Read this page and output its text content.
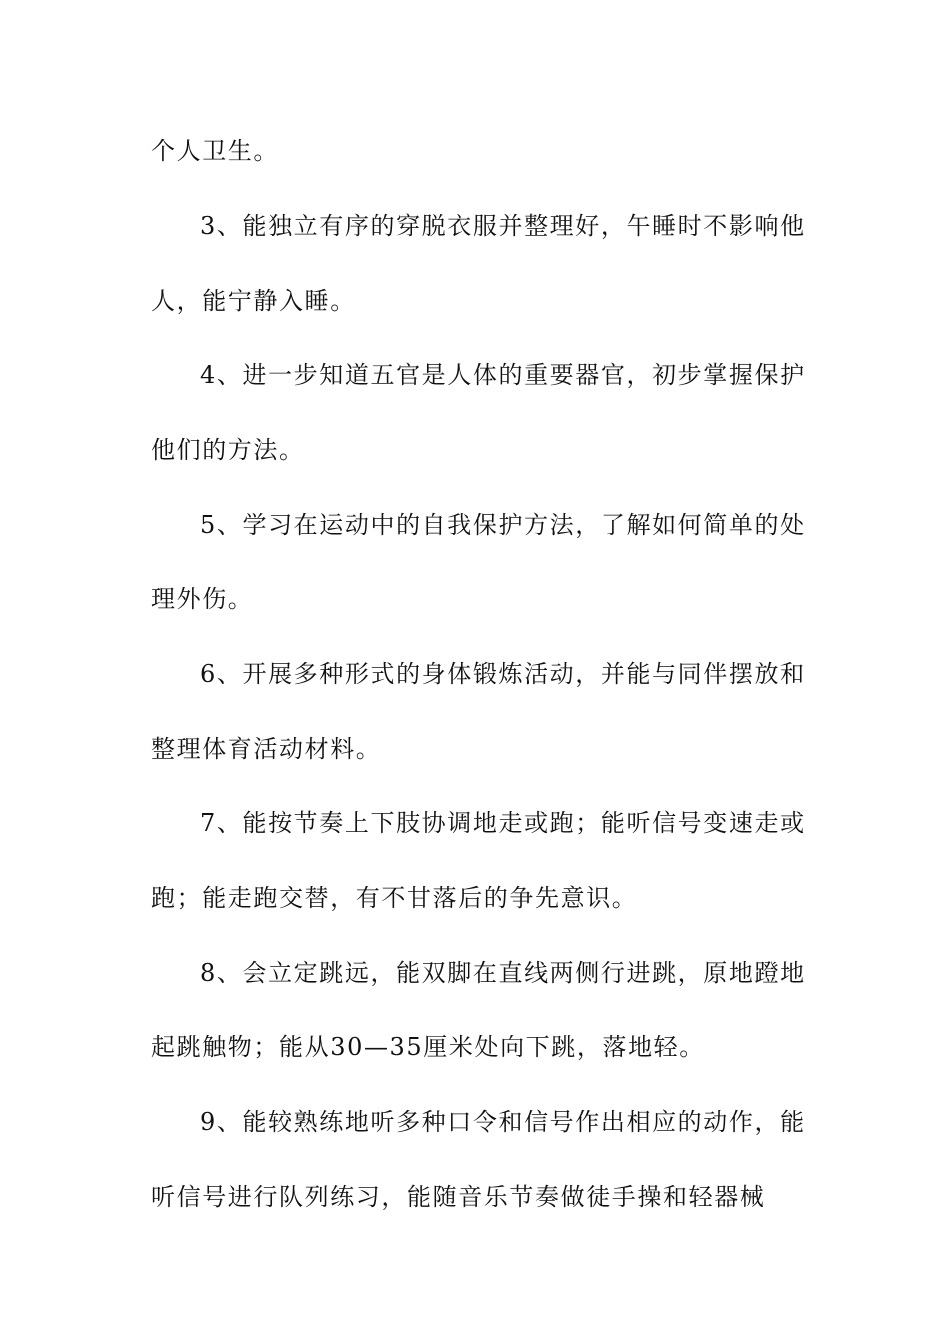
个人卫生。
3、能独立有序的穿脱衣服并整理好，午睡时不影响他
人，能宁静入睡。
4、进一步知道五官是人体的重要器官，初步掌握保护
他们的方法。
5、学习在运动中的自我保护方法，了解如何简单的处
理外伤。
6、开展多种形式的身体锻炼活动，并能与同伴摆放和
整理体育活动材料。
7、能按节奏上下肢协调地走或跑；能听信号变速走或
跑；能走跑交替，有不甘落后的争先意识。
8、会立定跳远，能双脚在直线两侧行进跳，原地蹬地
起跳触物；能从30—35厘米处向下跳，落地轻。
9、能较熟练地听多种口令和信号作出相应的动作，能
听信号进行队列练习，能随音乐节奏做徒手操和轻器械
